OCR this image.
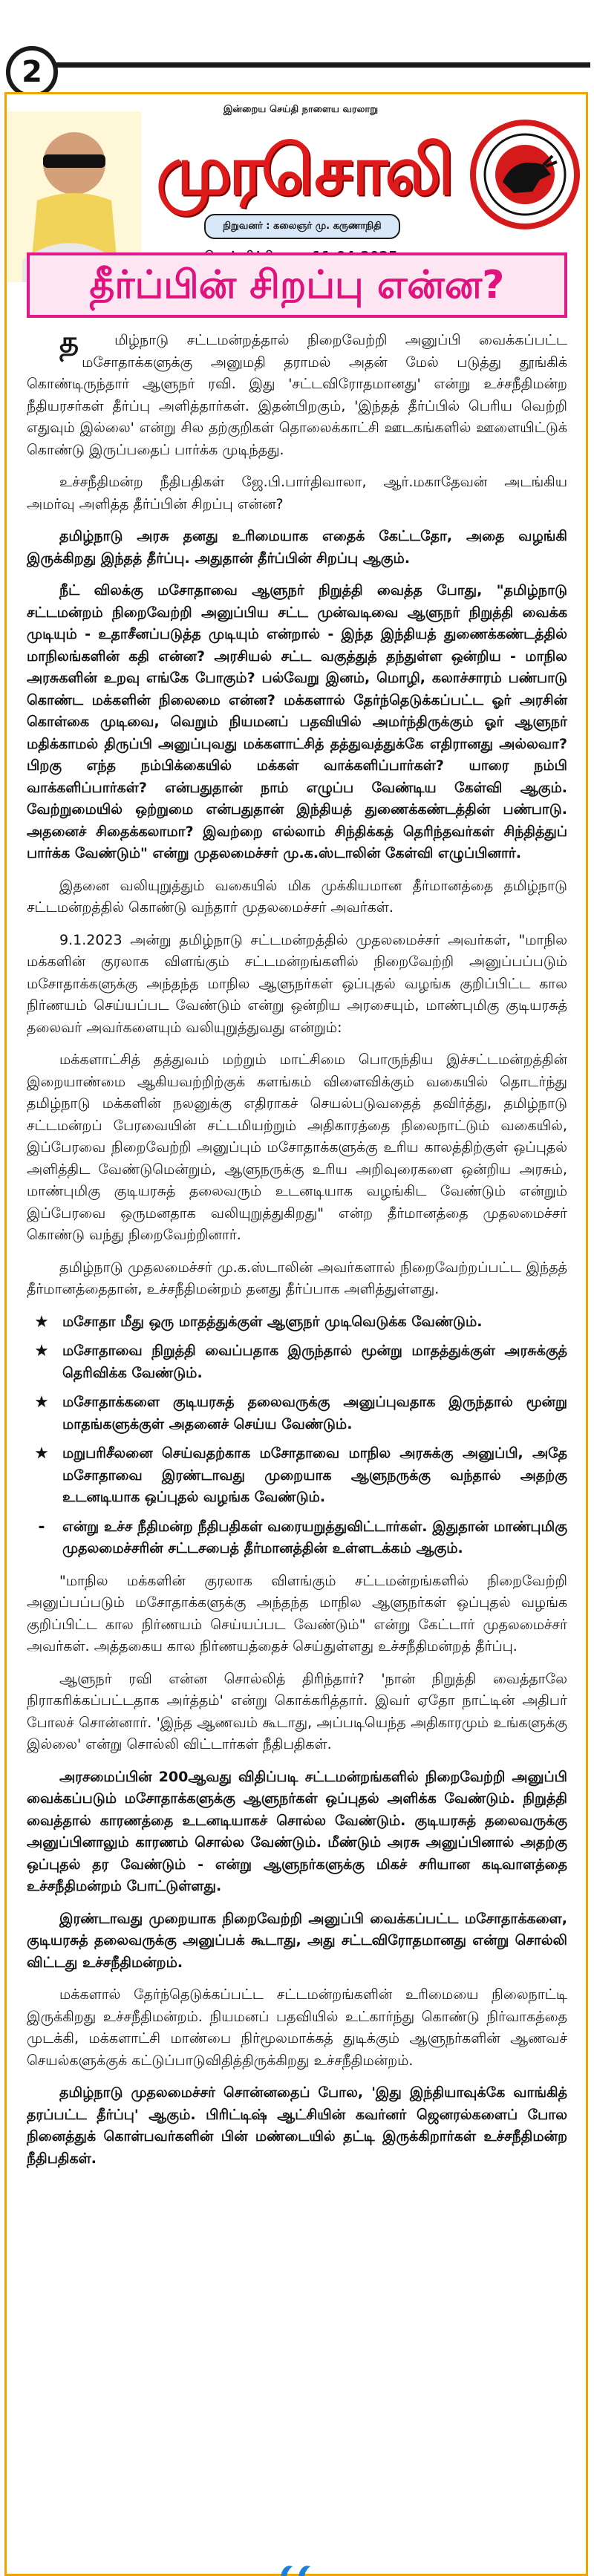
2
இன்றைய செய்தி நாளைய வரலாறு
முரசொலி
நிறுவனர் : கலைஞர் மு. கருணாநிதி
தீர்ப்பின் சிறப்பு என்ன?

த	மிழ்நாடு சட்டமன்றத்தால் நிறைவேற்றி அனுப்பி வைக்கப்பட்ட மசோதாக்களுக்கு அனுமதி தராமல் அதன் மேல் படுத்து தூங்கிக் கொண்டிருந்தார் ஆளுநர் ரவி. இது 'சட்டவிரோதமானது' என்று உச்சநீதிமன்ற நீதியரசர்கள் தீர்ப்பு அளித்தார்கள். இதன்பிறகும், 'இந்தத் தீர்ப்பில் பெரிய வெற்றி எதுவும் இல்லை' என்று சில தற்குறிகள் தொலைக்காட்சி ஊடகங்களில் ஊளையிட்டுக் கொண்டு இருப்பதைப் பார்க்க முடிந்தது.

உச்சநீதிமன்ற நீதிபதிகள் ஜே.பி.பார்திவாலா, ஆர்.மகாதேவன் அடங்கிய அமர்வு அளித்த தீர்ப்பின் சிறப்பு என்ன?

தமிழ்நாடு அரசு தனது உரிமையாக எதைக் கேட்டதோ, அதை வழங்கி இருக்கிறது இந்தத் தீர்ப்பு. அதுதான் தீர்ப்பின் சிறப்பு ஆகும்.

நீட் விலக்கு மசோதாவை ஆளுநர் நிறுத்தி வைத்த போது, "தமிழ்நாடு சட்டமன்றம் நிறைவேற்றி அனுப்பிய சட்ட முன்வடிவை ஆளுநர் நிறுத்தி வைக்க முடியும் - உதாசீனப்படுத்த முடியும் என்றால் - இந்த இந்தியத் துணைக்கண்டத்தில் மாநிலங்களின் கதி என்ன? அரசியல் சட்ட வகுத்துத் தந்துள்ள ஒன்றிய - மாநில அரசுகளின் உறவு எங்கே போகும்? பல்வேறு இனம், மொழி, கலாச்சாரம் பண்பாடு கொண்ட மக்களின் நிலைமை என்ன? மக்களால் தேர்ந்தெடுக்கப்பட்ட ஓர் அரசின் கொள்கை முடிவை, வெறும் நியமனப் பதவியில் அமர்ந்திருக்கும் ஓர் ஆளுநர் மதிக்காமல் திருப்பி அனுப்புவது மக்களாட்சித் தத்துவத்துக்கே எதிரானது அல்லவா? பிறகு எந்த நம்பிக்கையில் மக்கள் வாக்களிப்பார்கள்? யாரை நம்பி வாக்களிப்பார்கள்? என்பதுதான் நாம் எழுப்ப வேண்டிய கேள்வி ஆகும். வேற்றுமையில் ஒற்றுமை என்பதுதான் இந்தியத் துணைக்கண்டத்தின் பண்பாடு. அதனைச் சிதைக்கலாமா? இவற்றை எல்லாம் சிந்திக்கத் தெரிந்தவர்கள் சிந்தித்துப் பார்க்க வேண்டும்" என்று முதலமைச்சர் மு.க.ஸ்டாலின் கேள்வி எழுப்பினார்.

இதனை வலியுறுத்தும் வகையில் மிக முக்கியமான தீர்மானத்தை தமிழ்நாடு சட்டமன்றத்தில் கொண்டு வந்தார் முதலமைச்சர் அவர்கள்.

9.1.2023 அன்று தமிழ்நாடு சட்டமன்றத்தில் முதலமைச்சர் அவர்கள், "மாநில மக்களின் குரலாக விளங்கும் சட்டமன்றங்களில் நிறைவேற்றி அனுப்பப்படும் மசோதாக்களுக்கு அந்தந்த மாநில ஆளுநர்கள் ஒப்புதல் வழங்க குறிப்பிட்ட கால நிர்ணயம் செய்யப்பட வேண்டும் என்று ஒன்றிய அரசையும், மாண்புமிகு குடியரசுத் தலைவர் அவர்களையும் வலியுறுத்துவது என்றும்:

மக்களாட்சித் தத்துவம் மற்றும் மாட்சிமை பொருந்திய இச்சட்டமன்றத்தின் இறையாண்மை ஆகியவற்றிற்குக் களங்கம் விளைவிக்கும் வகையில் தொடர்ந்து தமிழ்நாடு மக்களின் நலனுக்கு எதிராகச் செயல்படுவதைத் தவிர்த்து, தமிழ்நாடு சட்டமன்றப் பேரவையின் சட்டமியற்றும் அதிகாரத்தை நிலைநாட்டும் வகையில், இப்பேரவை நிறைவேற்றி அனுப்பும் மசோதாக்களுக்கு உரிய காலத்திற்குள் ஒப்புதல் அளித்திட வேண்டுமென்றும், ஆளுநருக்கு உரிய அறிவுரைகளை ஒன்றிய அரசும், மாண்புமிகு குடியரசுத் தலைவரும் உடனடியாக வழங்கிட வேண்டும் என்றும் இப்பேரவை ஒருமனதாக வலியுறுத்துகிறது" என்ற தீர்மானத்தை முதலமைச்சர் கொண்டு வந்து நிறைவேற்றினார்.

தமிழ்நாடு முதலமைச்சர் மு.க.ஸ்டாலின் அவர்களால் நிறைவேற்றப்பட்ட இந்தத் தீர்மானத்தைதான், உச்சநீதிமன்றம் தனது தீர்ப்பாக அளித்துள்ளது.

★ மசோதா மீது ஒரு மாதத்துக்குள் ஆளுநர் முடிவெடுக்க வேண்டும்.
★ மசோதாவை நிறுத்தி வைப்பதாக இருந்தால் மூன்று மாதத்துக்குள் அரசுக்குத் தெரிவிக்க வேண்டும்.
★ மசோதாக்களை குடியரசுத் தலைவருக்கு அனுப்புவதாக இருந்தால் மூன்று மாதங்களுக்குள் அதனைச் செய்ய வேண்டும்.
★ மறுபரிசீலனை செய்வதற்காக மசோதாவை மாநில அரசுக்கு அனுப்பி, அதே மசோதாவை இரண்டாவது முறையாக ஆளுநருக்கு வந்தால் அதற்கு உடனடியாக ஒப்புதல் வழங்க வேண்டும்.
-	என்று உச்ச நீதிமன்ற நீதிபதிகள் வரையறுத்துவிட்டார்கள். இதுதான் மாண்புமிகு முதலமைச்சரின் சட்டசபைத் தீர்மானத்தின் உள்ளடக்கம் ஆகும்.

"மாநில மக்களின் குரலாக விளங்கும் சட்டமன்றங்களில் நிறைவேற்றி அனுப்பப்படும் மசோதாக்களுக்கு அந்தந்த மாநில ஆளுநர்கள் ஒப்புதல் வழங்க குறிப்பிட்ட கால நிர்ணயம் செய்யப்பட வேண்டும்" என்று கேட்டார் முதலமைச்சர் அவர்கள். அத்தகைய கால நிர்ணயத்தைச் செய்துள்ளது உச்சநீதிமன்றத் தீர்ப்பு.

ஆளுநர் ரவி என்ன சொல்லித் திரிந்தார்? 'நான் நிறுத்தி வைத்தாலே நிராகரிக்கப்பட்டதாக அர்த்தம்' என்று கொக்கரித்தார். இவர் ஏதோ நாட்டின் அதிபர் போலச் சொன்னார். 'இந்த ஆணவம் கூடாது, அப்படியெந்த அதிகாரமும் உங்களுக்கு இல்லை' என்று சொல்லி விட்டார்கள் நீதிபதிகள்.

அரசமைப்பின் 200ஆவது விதிப்படி சட்டமன்றங்களில் நிறைவேற்றி அனுப்பி வைக்கப்படும் மசோதாக்களுக்கு ஆளுநர்கள் ஒப்புதல் அளிக்க வேண்டும். நிறுத்தி வைத்தால் காரணத்தை உடனடியாகச் சொல்ல வேண்டும். குடியரசுத் தலைவருக்கு அனுப்பினாலும் காரணம் சொல்ல வேண்டும். மீண்டும் அரசு அனுப்பினால் அதற்கு ஒப்புதல் தர வேண்டும் - என்று ஆளுநர்களுக்கு மிகச் சரியான கடிவாளத்தை உச்சநீதிமன்றம் போட்டுள்ளது.

இரண்டாவது முறையாக நிறைவேற்றி அனுப்பி வைக்கப்பட்ட மசோதாக்களை, குடியரசுத் தலைவருக்கு அனுப்பக் கூடாது, அது சட்டவிரோதமானது என்று சொல்லி விட்டது உச்சநீதிமன்றம்.

மக்களால் தேர்ந்தெடுக்கப்பட்ட சட்டமன்றங்களின் உரிமையை நிலைநாட்டி இருக்கிறது உச்சநீதிமன்றம். நியமனப் பதவியில் உட்கார்ந்து கொண்டு நிர்வாகத்தை முடக்கி, மக்களாட்சி மாண்பை நிர்மூலமாக்கத் துடிக்கும் ஆளுநர்களின் ஆணவச் செயல்களுக்குக் கட்டுப்பாடுவிதித்திருக்கிறது உச்சநீதிமன்றம்.

தமிழ்நாடு முதலமைச்சர் சொன்னதைப் போல, 'இது இந்தியாவுக்கே வாங்கித் தரப்பட்ட தீர்ப்பு' ஆகும். பிரிட்டிஷ் ஆட்சியின் கவர்னர் ஜெனரல்களைப் போல நினைத்துக் கொள்பவர்களின் பின் மண்டையில் தட்டி இருக்கிறார்கள் உச்சநீதிமன்ற நீதிபதிகள்.
